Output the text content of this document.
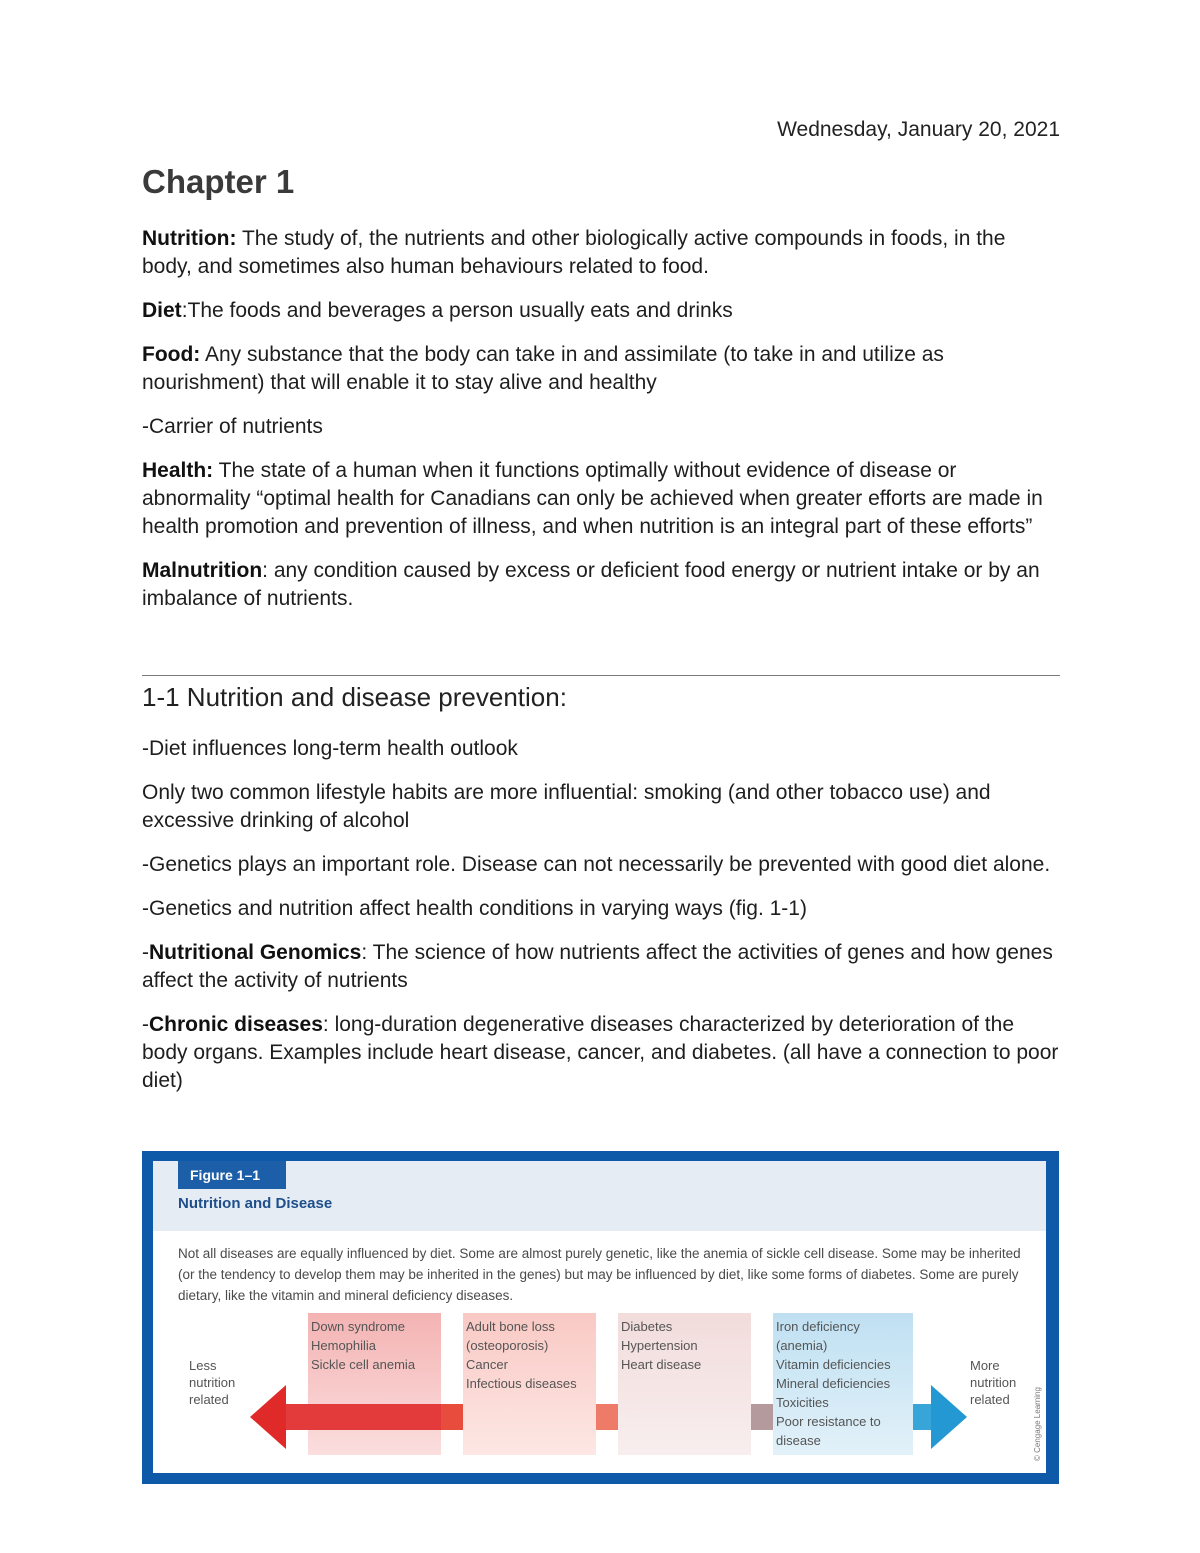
Wednesday, January 20, 2021
Chapter 1

Nutrition: The study of, the nutrients and other biologically active compounds in foods, in the body, and sometimes also human behaviours related to food.

Diet:The foods and beverages a person usually eats and drinks

Food: Any substance that the body can take in and assimilate (to take in and utilize as nourishment) that will enable it to stay alive and healthy

-Carrier of nutrients

Health: The state of a human when it functions optimally without evidence of disease or abnormality “optimal health for Canadians can only be achieved when greater efforts are made in health promotion and prevention of illness, and when nutrition is an integral part of these efforts”

Malnutrition: any condition caused by excess or deficient food energy or nutrient intake or by an imbalance of nutrients.

1-1 Nutrition and disease prevention:

-Diet influences long-term health outlook

Only two common lifestyle habits are more influential: smoking (and other tobacco use) and excessive drinking of alcohol

-Genetics plays an important role. Disease can not necessarily be prevented with good diet alone.

-Genetics and nutrition affect health conditions in varying ways (fig. 1-1)

-Nutritional Genomics: The science of how nutrients affect the activities of genes and how genes affect the activity of nutrients

-Chronic diseases: long-duration degenerative diseases characterized by deterioration of the body organs. Examples include heart disease, cancer, and diabetes. (all have a connection to poor diet)

Figure 1–1
Nutrition and Disease
Not all diseases are equally influenced by diet. Some are almost purely genetic, like the anemia of sickle cell disease. Some may be inherited (or the tendency to develop them may be inherited in the genes) but may be influenced by diet, like some forms of diabetes. Some are purely dietary, like the vitamin and mineral deficiency diseases.
Down syndrome
Hemophilia
Sickle cell anemia
Adult bone loss
(osteoporosis)
Cancer
Infectious diseases
Diabetes
Hypertension
Heart disease
Iron deficiency
(anemia)
Vitamin deficiencies
Mineral deficiencies
Toxicities
Poor resistance to
disease
Less
nutrition
related
More
nutrition
related	© Cengage Learning
